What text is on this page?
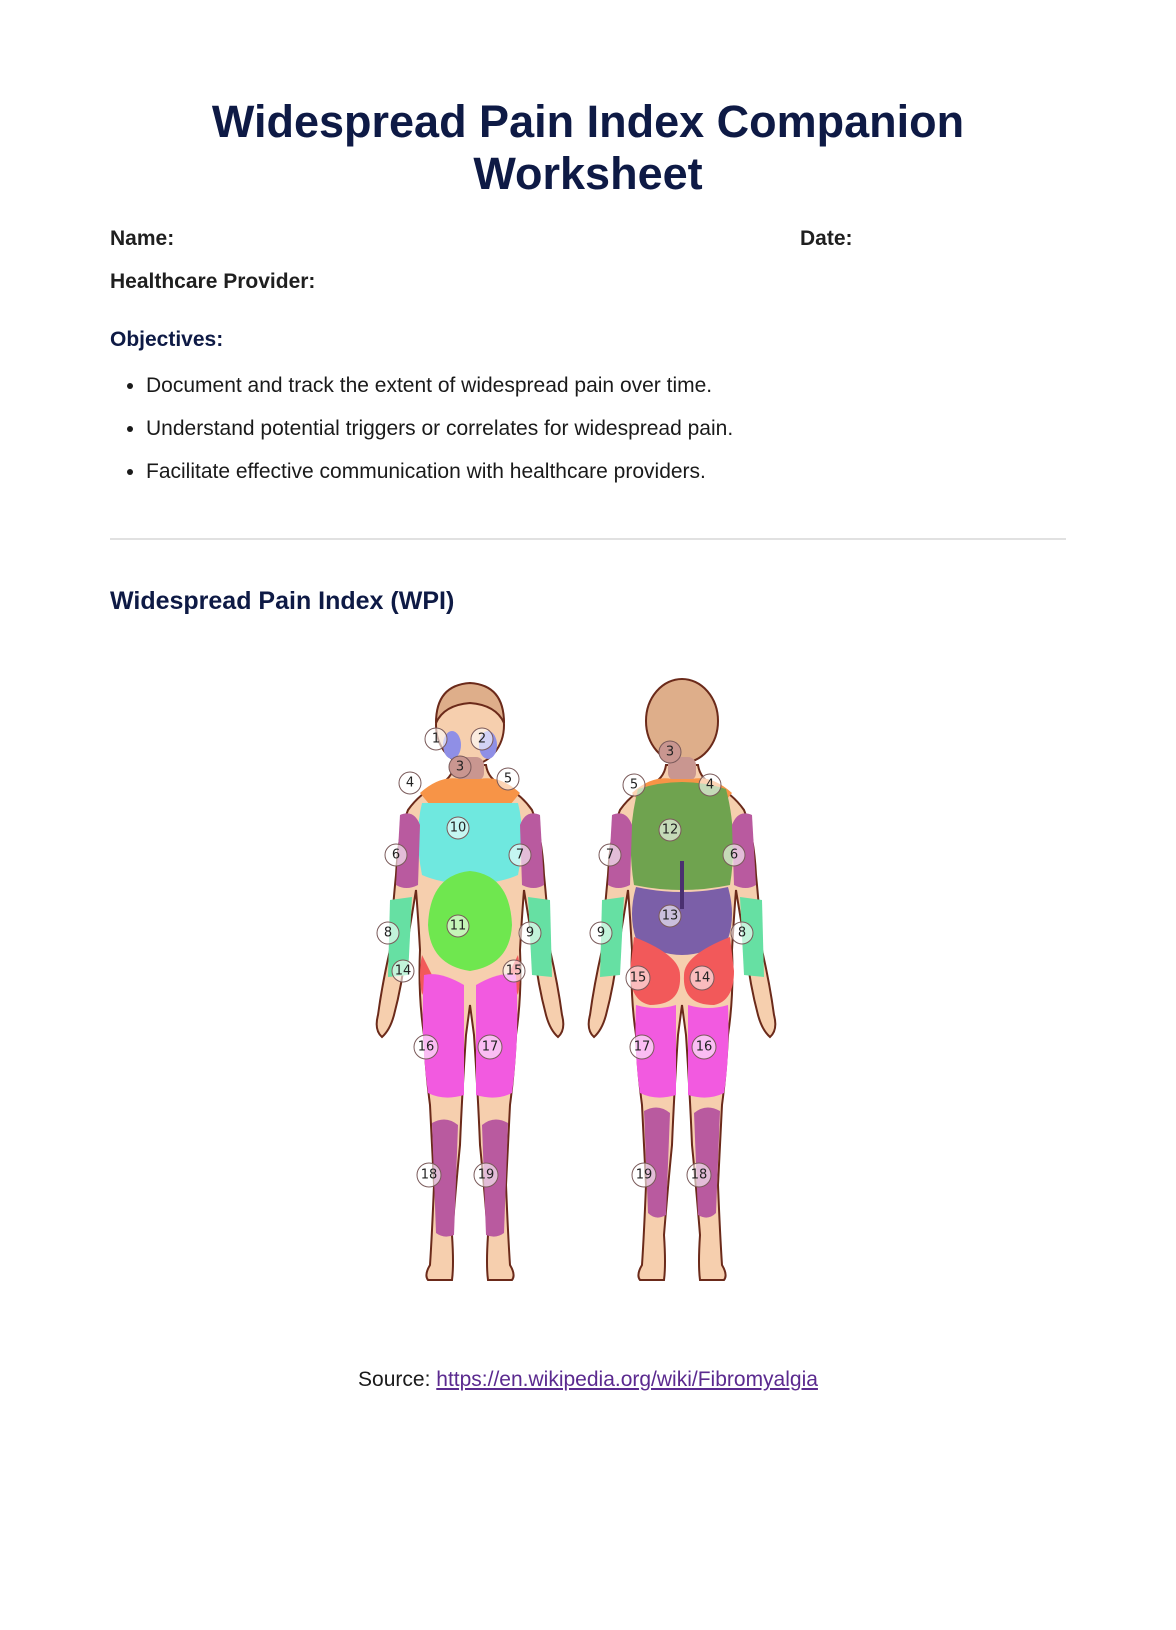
Widespread Pain Index Companion Worksheet
Name:	Date:
Healthcare Provider:
Objectives:
• Document and track the extent of widespread pain over time.
• Understand potential triggers or correlates for widespread pain.
• Facilitate effective communication with healthcare providers.
Widespread Pain Index (WPI)
1	2
3
4	5
10
6	7
11
8	9
14	15
16	17
18	19
3
5	4
12
7	6
13
9	8
15	14
17	16
19	18
Source: https://en.wikipedia.org/wiki/Fibromyalgia
